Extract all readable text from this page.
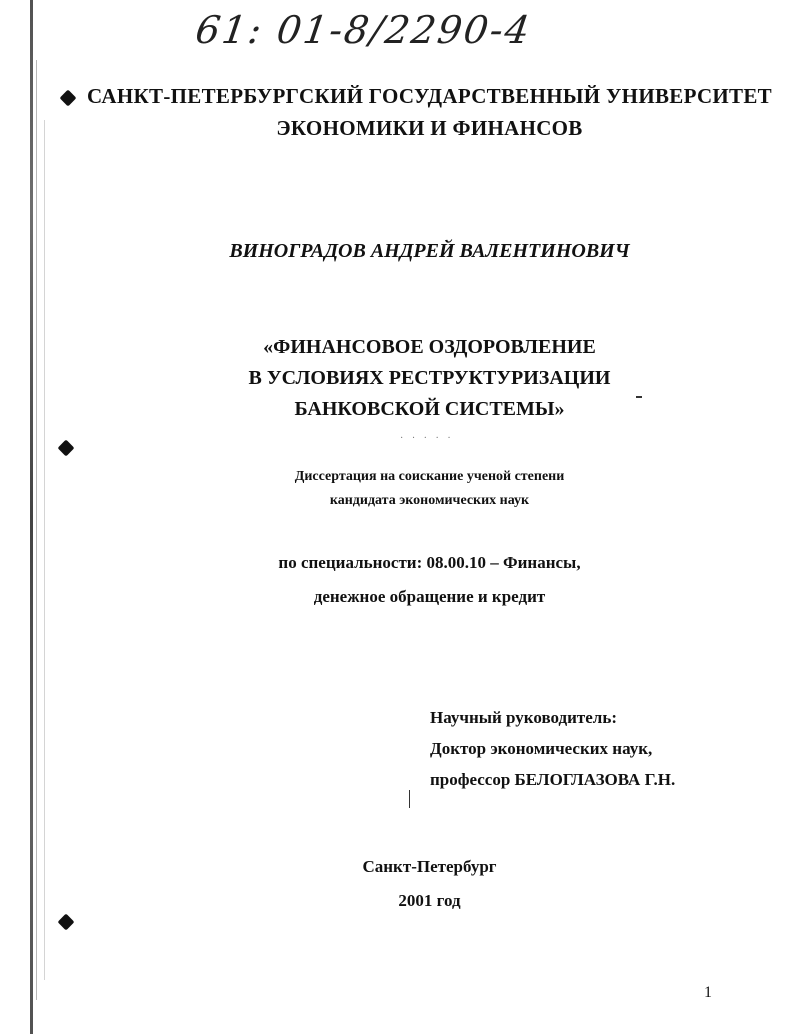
61: 01-8/2290-4
САНКТ-ПЕТЕРБУРГСКИЙ ГОСУДАРСТВЕННЫЙ УНИВЕРСИТЕТ
ЭКОНОМИКИ И ФИНАНСОВ
ВИНОГРАДОВ АНДРЕЙ ВАЛЕНТИНОВИЧ
«ФИНАНСОВОЕ ОЗДОРОВЛЕНИЕ
В УСЛОВИЯХ РЕСТРУКТУРИЗАЦИИ
БАНКОВСКОЙ СИСТЕМЫ»
· · · · ·
Диссертация на соискание ученой степени
кандидата экономических наук
по специальности: 08.00.10 – Финансы,
денежное обращение и кредит
Научный руководитель:
Доктор экономических наук,
профессор БЕЛОГЛАЗОВА Г.Н.
Санкт-Петербург
2001 год
1
